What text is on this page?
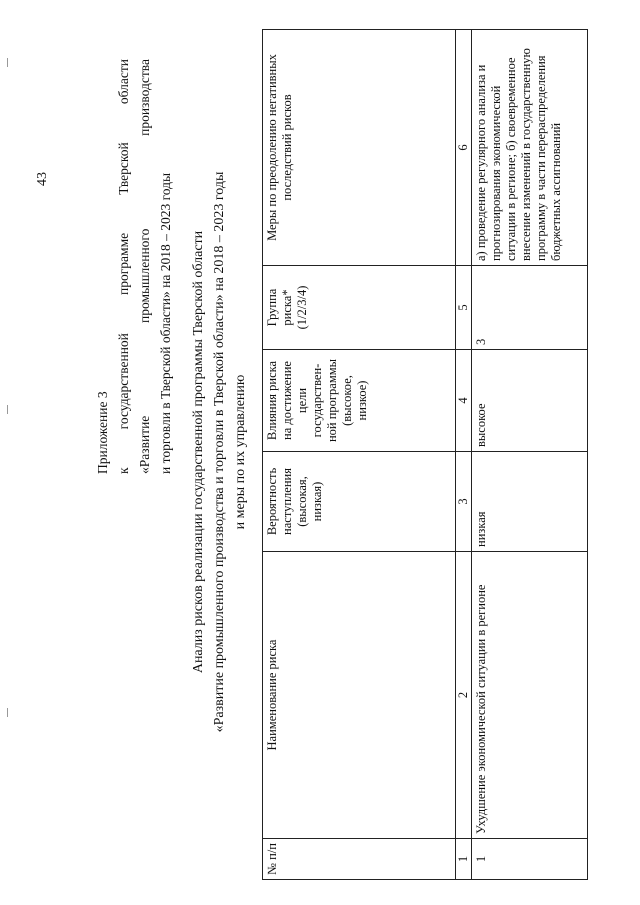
43
Приложение 3 к
государственной
программе
Тверской
области
«Развитие
промышленного
производства
и торговли в Тверской области» на 2018 – 2023 годы Анализ рисков реализации государственной программы Тверской области «Развитие промышленного производства и торговли в Тверской области» на 2018 – 2023 годы и меры по их управлению
№ п/п	Наименование риска	Вероятность наступления (высокая, низкая)	Влияния риска на достижение цели государствен-ной программы (высокое, низкое)	Группа риска* (1/2/3/4)	Меры по преодолению негативных последствий рисков
1	2	3	4	5	6
1	Ухудшение экономической ситуации в регионе	низкая	высокое	3	а) проведение регулярного анализа и прогнозирования экономической ситуации в регионе; б) своевременное внесение изменений в государственную программу в части перераспределения бюджетных ассигнований
